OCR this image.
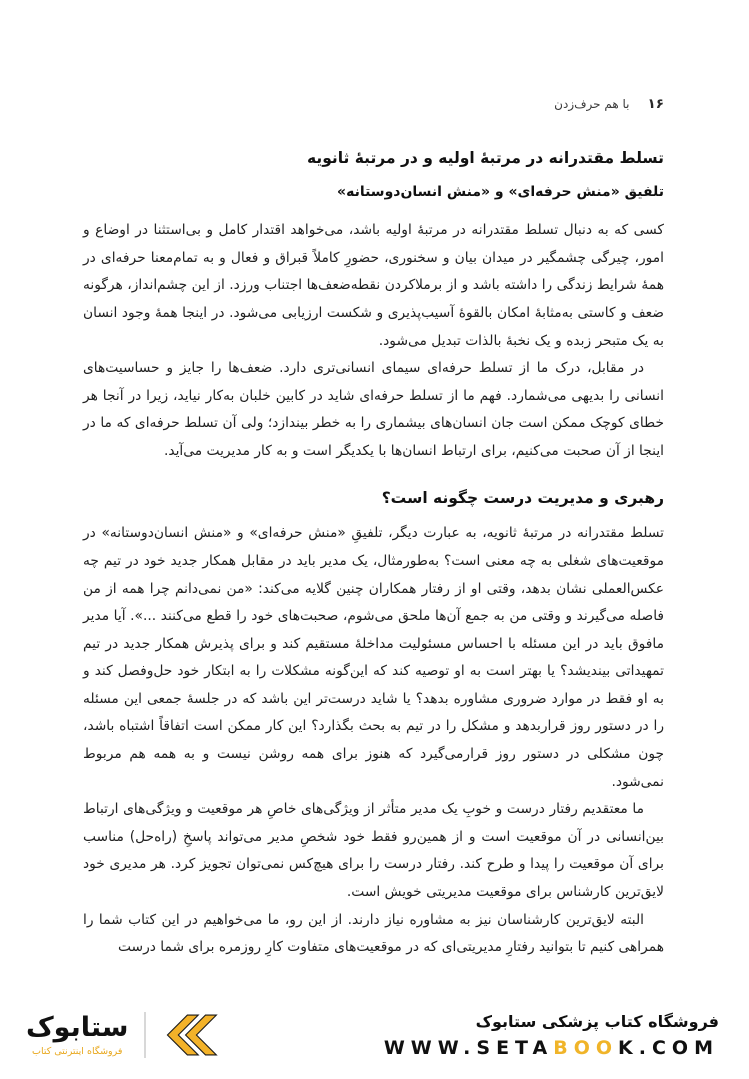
۱۶ با هم حرف‌زدن
تسلط مقتدرانه در مرتبهٔ اولیه و در مرتبهٔ ثانویه
تلفیق «منش حرفه‌ای» و «منش انسان‌دوستانه»

کسی که به دنبال تسلط مقتدرانه در مرتبهٔ اولیه باشد، می‌خواهد اقتدار کامل و بی‌استثنا در اوضاع و امور، چیرگی چشمگیر در میدان بیان و سخنوری، حضورِ کاملاً قبراق و فعال و به تمام‌معنا حرفه‌ای در همهٔ شرایط زندگی را داشته باشد و از برملاکردن نقطه‌ضعف‌ها اجتناب ورزد. از این چشم‌انداز، هرگونه ضعف و کاستی به‌مثابهٔ امکان بالقوهٔ آسیب‌پذیری و شکست ارزیابی می‌شود. در اینجا همهٔ وجود انسان به یک متبحر زبده و یک نخبهٔ بالذات تبدیل می‌شود.

در مقابل، درک ما از تسلط حرفه‌ای سیمای انسانی‌تری دارد. ضعف‌ها را جایز و حساسیت‌های انسانی را بدیهی می‌شمارد. فهم ما از تسلط حرفه‌ای شاید در کابین خلبان به‌کار نیاید، زیرا در آنجا هر خطای کوچک ممکن است جان انسان‌های بیشماری را به خطر بیندازد؛ ولی آن تسلط حرفه‌ای که ما در اینجا از آن صحبت می‌کنیم، برای ارتباط انسان‌ها با یکدیگر است و به کار مدیریت می‌آید.

رهبری و مدیریت درست چگونه است؟

تسلط مقتدرانه در مرتبهٔ ثانویه، به عبارت دیگر، تلفیقِ «منش حرفه‌ای» و «منش انسان‌دوستانه» در موقعیت‌های شغلی به چه معنی است؟ به‌طورمثال، یک مدیر باید در مقابل همکار جدید خود در تیم چه عکس‌العملی نشان بدهد، وقتی او از رفتار همکاران چنین گلایه می‌کند: «من نمی‌دانم چرا همه از من فاصله می‌گیرند و وقتی من به جمع آن‌ها ملحق می‌شوم، صحبت‌های خود را قطع می‌کنند ...». آیا مدیر مافوق باید در این مسئله با احساس مسئولیت مداخلهٔ مستقیم کند و برای پذیرش همکار جدید در تیم تمهیداتی بیندیشد؟ یا بهتر است به او توصیه کند که این‌گونه مشکلات را به ابتکار خود حل‌وفصل کند و به او فقط در موارد ضروری مشاوره بدهد؟ یا شاید درست‌تر این باشد که در جلسهٔ جمعی این مسئله را در دستور روز قراربدهد و مشکل را در تیم به بحث بگذارد؟ این کار ممکن است اتفاقاً اشتباه باشد، چون مشکلی در دستور روز قرارمی‌گیرد که هنوز برای همه روشن نیست و به همه هم مربوط نمی‌شود.

ما معتقدیم رفتار درست و خوبِ یک مدیر متأثر از ویژگی‌های خاصِ هر موقعیت و ویژگی‌های ارتباط بین‌انسانی در آن موقعیت است و از همین‌رو فقط خود شخصِ مدیر می‌تواند پاسخِ (راه‌حل) مناسب برای آن موقعیت را پیدا و طرح کند. رفتار درست را برای هیچ‌کس نمی‌توان تجویز کرد. هر مدیری خود لایق‌ترین کارشناس برای موقعیت مدیریتی خویش است.

البته لایق‌ترین کارشناسان نیز به مشاوره نیاز دارند. از این رو، ما می‌خواهیم در این کتاب شما را همراهی کنیم تا بتوانید رفتارِ مدیریتی‌ای که در موقعیت‌های متفاوت کارِ روزمره برای شما درست

ستابوک
فروشگاه اینترنتی کتاب
فروشگاه کتاب پزشکی ستابوک
WWW.SETABOOK.COM
